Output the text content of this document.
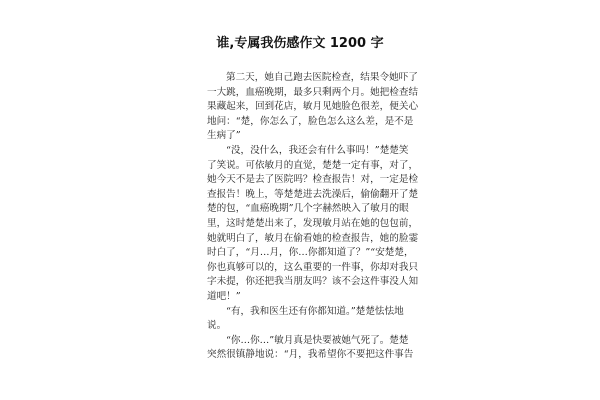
谁,专属我伤感作文 1200 字

第二天，她自己跑去医院检查，结果令她吓了
一大跳，血癌晚期，最多只剩两个月。她把检查结
果藏起来，回到花店，敏月见她脸色很差，便关心
地问：“楚，你怎么了，脸色怎么这么差，是不是
生病了”

“没，没什么，我还会有什么事吗！”楚楚笑
了笑说。可依敏月的直觉，楚楚一定有事，对了，
她今天不是去了医院吗？检查报告！对，一定是检
查报告！晚上，等楚楚进去洗澡后，偷偷翻开了楚
楚的包，“血癌晚期”几个字赫然映入了敏月的眼
里，这时楚楚出来了，发现敏月站在她的包包前，
她就明白了，敏月在偷看她的检查报告，她的脸霎
时白了，“月…月，你…你都知道了？”“安楚楚，
你也真够可以的，这么重要的一件事，你却对我只
字未提，你还把我当朋友吗？该不会这件事没人知
道吧！”

“有，我和医生还有你都知道。”楚楚怯怯地
说。

“你…你…”敏月真是快要被她气死了。楚楚
突然很镇静地说：“月，我希望你不要把这件事告
